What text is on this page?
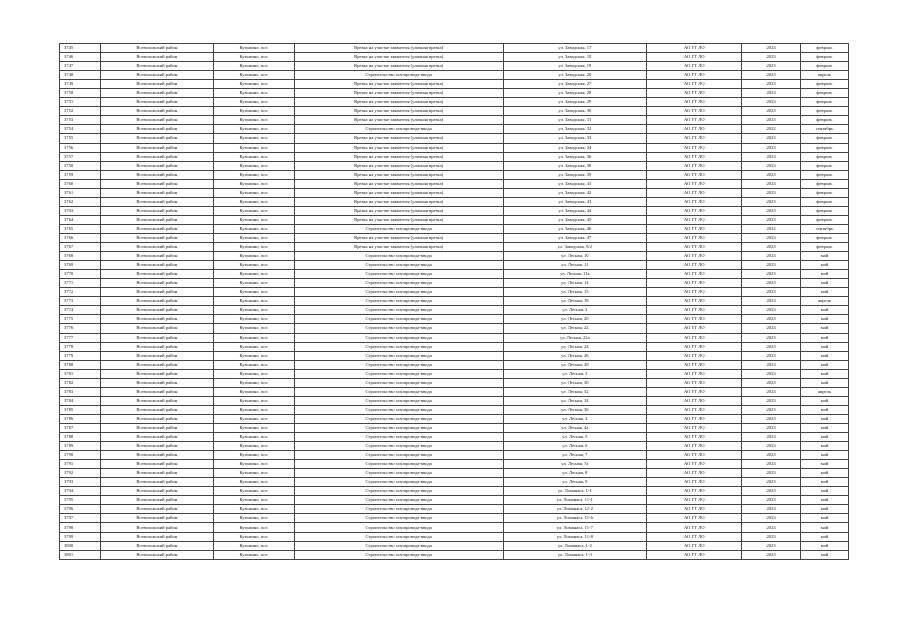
3745	Всеволожский район	Кузьмино, пос	Врезка на участке заявителя (уличная врезка)	ул. Заводская, 17	АО ГТ ЛО	2023	февраль
3746	Всеволожский район	Кузьмино, пос	Врезка на участке заявителя (уличная врезка)	ул. Заводская, 18	АО ГТ ЛО	2023	февраль
3747	Всеволожский район	Кузьмино, пос	Врезка на участке заявителя (уличная врезка)	ул. Заводская, 19	АО ГТ ЛО	2023	февраль
3748	Всеволожский район	Кузьмино, пос	Строительство газопровода-ввода	ул. Заводская, 20	АО ГТ ЛО	2023	апрель
3749	Всеволожский район	Кузьмино, пос	Врезка на участке заявителя (уличная врезка)	ул. Заводская, 27	АО ГТ ЛО	2023	февраль
3750	Всеволожский район	Кузьмино, пос	Врезка на участке заявителя (уличная врезка)	ул. Заводская, 28	АО ГТ ЛО	2023	февраль
3751	Всеволожский район	Кузьмино, пос	Врезка на участке заявителя (уличная врезка)	ул. Заводская, 29	АО ГТ ЛО	2023	февраль
3752	Всеволожский район	Кузьмино, пос	Врезка на участке заявителя (уличная врезка)	ул. Заводская, 30	АО ГТ ЛО	2023	февраль
3753	Всеволожский район	Кузьмино, пос	Врезка на участке заявителя (уличная врезка)	ул. Заводская, 31	АО ГТ ЛО	2023	февраль
3754	Всеволожский район	Кузьмино, пос	Строительство газопровода-ввода	ул. Заводская, 32	АО ГТ ЛО	2022	сентябрь
3755	Всеволожский район	Кузьмино, пос	Врезка на участке заявителя (уличная врезка)	ул. Заводская, 33	АО ГТ ЛО	2023	февраль
3756	Всеволожский район	Кузьмино, пос	Врезка на участке заявителя (уличная врезка)	ул. Заводская, 34	АО ГТ ЛО	2023	февраль
3757	Всеволожский район	Кузьмино, пос	Врезка на участке заявителя (уличная врезка)	ул. Заводская, 36	АО ГТ ЛО	2023	февраль
3758	Всеволожский район	Кузьмино, пос	Врезка на участке заявителя (уличная врезка)	ул. Заводская, 38	АО ГТ ЛО	2023	февраль
3759	Всеволожский район	Кузьмино, пос	Врезка на участке заявителя (уличная врезка)	ул. Заводская, 39	АО ГТ ЛО	2023	февраль
3760	Всеволожский район	Кузьмино, пос	Врезка на участке заявителя (уличная врезка)	ул. Заводская, 41	АО ГТ ЛО	2023	февраль
3761	Всеволожский район	Кузьмино, пос	Врезка на участке заявителя (уличная врезка)	ул. Заводская, 42	АО ГТ ЛО	2023	февраль
3762	Всеволожский район	Кузьмино, пос	Врезка на участке заявителя (уличная врезка)	ул. Заводская, 43	АО ГТ ЛО	2023	февраль
3763	Всеволожский район	Кузьмино, пос	Врезка на участке заявителя (уличная врезка)	ул. Заводская, 44	АО ГТ ЛО	2023	февраль
3764	Всеволожский район	Кузьмино, пос	Врезка на участке заявителя (уличная врезка)	ул. Заводская, 45	АО ГТ ЛО	2023	февраль
3765	Всеволожский район	Кузьмино, пос	Строительство газопровода-ввода	ул. Заводская, 46	АО ГТ ЛО	2022	сентябрь
3766	Всеволожский район	Кузьмино, пос	Врезка на участке заявителя (уличная врезка)	ул. Заводская, 47	АО ГТ ЛО	2023	февраль
3767	Всеволожский район	Кузьмино, пос	Врезка на участке заявителя (уличная врезка)	ул. Заводская, 9/2	АО ГТ ЛО	2023	февраль
3768	Всеволожский район	Кузьмино, пос	Строительство газопровода-ввода	ул. Лесная, 10	АО ГТ ЛО	2023	май
3769	Всеволожский район	Кузьмино, пос	Строительство газопровода-ввода	ул. Лесная, 11	АО ГТ ЛО	2023	май
3770	Всеволожский район	Кузьмино, пос	Строительство газопровода-ввода	ул. Лесная, 11а	АО ГТ ЛО	2023	май
3771	Всеволожский район	Кузьмино, пос	Строительство газопровода-ввода	ул. Лесная, 14	АО ГТ ЛО	2023	май
3772	Всеволожский район	Кузьмино, пос	Строительство газопровода-ввода	ул. Лесная, 15	АО ГТ ЛО	2023	май
3773	Всеволожский район	Кузьмино, пос	Строительство газопровода-ввода	ул. Лесная, 18	АО ГТ ЛО	2023	апрель
3774	Всеволожский район	Кузьмино, пос	Строительство газопровода-ввода	ул. Лесная, 2	АО ГТ ЛО	2023	май
3775	Всеволожский район	Кузьмино, пос	Строительство газопровода-ввода	ул. Лесная, 20	АО ГТ ЛО	2023	май
3776	Всеволожский район	Кузьмино, пос	Строительство газопровода-ввода	ул. Лесная, 22	АО ГТ ЛО	2023	май
3777	Всеволожский район	Кузьмино, пос	Строительство газопровода-ввода	ул. Лесная, 22а	АО ГТ ЛО	2023	май
3778	Всеволожский район	Кузьмино, пос	Строительство газопровода-ввода	ул. Лесная, 24	АО ГТ ЛО	2023	май
3779	Всеволожский район	Кузьмино, пос	Строительство газопровода-ввода	ул. Лесная, 26	АО ГТ ЛО	2023	май
3780	Всеволожский район	Кузьмино, пос	Строительство газопровода-ввода	ул. Лесная, 28	АО ГТ ЛО	2023	май
3781	Всеволожский район	Кузьмино, пос	Строительство газопровода-ввода	ул. Лесная, 3	АО ГТ ЛО	2023	май
3782	Всеволожский район	Кузьмино, пос	Строительство газопровода-ввода	ул. Лесная, 30	АО ГТ ЛО	2023	май
3783	Всеволожский район	Кузьмино, пос	Строительство газопровода-ввода	ул. Лесная, 32	АО ГТ ЛО	2023	апрель
3784	Всеволожский район	Кузьмино, пос	Строительство газопровода-ввода	ул. Лесная, 34	АО ГТ ЛО	2023	май
3785	Всеволожский район	Кузьмино, пос	Строительство газопровода-ввода	ул. Лесная, 36	АО ГТ ЛО	2023	май
3786	Всеволожский район	Кузьмино, пос	Строительство газопровода-ввода	ул. Лесная, 4	АО ГТ ЛО	2023	май
3787	Всеволожский район	Кузьмино, пос	Строительство газопровода-ввода	ул. Лесная, 4а	АО ГТ ЛО	2023	май
3788	Всеволожский район	Кузьмино, пос	Строительство газопровода-ввода	ул. Лесная, 5	АО ГТ ЛО	2023	май
3789	Всеволожский район	Кузьмино, пос	Строительство газопровода-ввода	ул. Лесная, 6	АО ГТ ЛО	2023	май
3790	Всеволожский район	Кузьмино, пос	Строительство газопровода-ввода	ул. Лесная, 7	АО ГТ ЛО	2023	май
3791	Всеволожский район	Кузьмино, пос	Строительство газопровода-ввода	ул. Лесная, 7а	АО ГТ ЛО	2023	май
3792	Всеволожский район	Кузьмино, пос	Строительство газопровода-ввода	ул. Лесная, 8	АО ГТ ЛО	2023	май
3793	Всеволожский район	Кузьмино, пос	Строительство газопровода-ввода	ул. Лесная, 9	АО ГТ ЛО	2023	май
3794	Всеволожский район	Кузьмино, пос	Строительство газопровода-ввода	ул. Ломанаса, 1-1	АО ГТ ЛО	2023	май
3795	Всеволожский район	Кузьмино, пос	Строительство газопровода-ввода	ул. Ломанаса, 11-1	АО ГТ ЛО	2023	май
3796	Всеволожский район	Кузьмино, пос	Строительство газопровода-ввода	ул. Ломанаса, 11-2	АО ГТ ЛО	2023	май
3797	Всеволожский район	Кузьмино, пос	Строительство газопровода-ввода	ул. Ломанаса, 11-6	АО ГТ ЛО	2023	май
3798	Всеволожский район	Кузьмино, пос	Строительство газопровода-ввода	ул. Ломанаса, 11-7	АО ГТ ЛО	2023	май
3799	Всеволожский район	Кузьмино, пос	Строительство газопровода-ввода	ул. Ломанаса, 11-8	АО ГТ ЛО	2023	май
3800	Всеволожский район	Кузьмино, пос	Строительство газопровода-ввода	ул. Ломанаса, 1-2	АО ГТ ЛО	2023	май
3801	Всеволожский район	Кузьмино, пос	Строительство газопровода-ввода	ул. Ломанаса, 1-3	АО ГТ ЛО	2023	май
